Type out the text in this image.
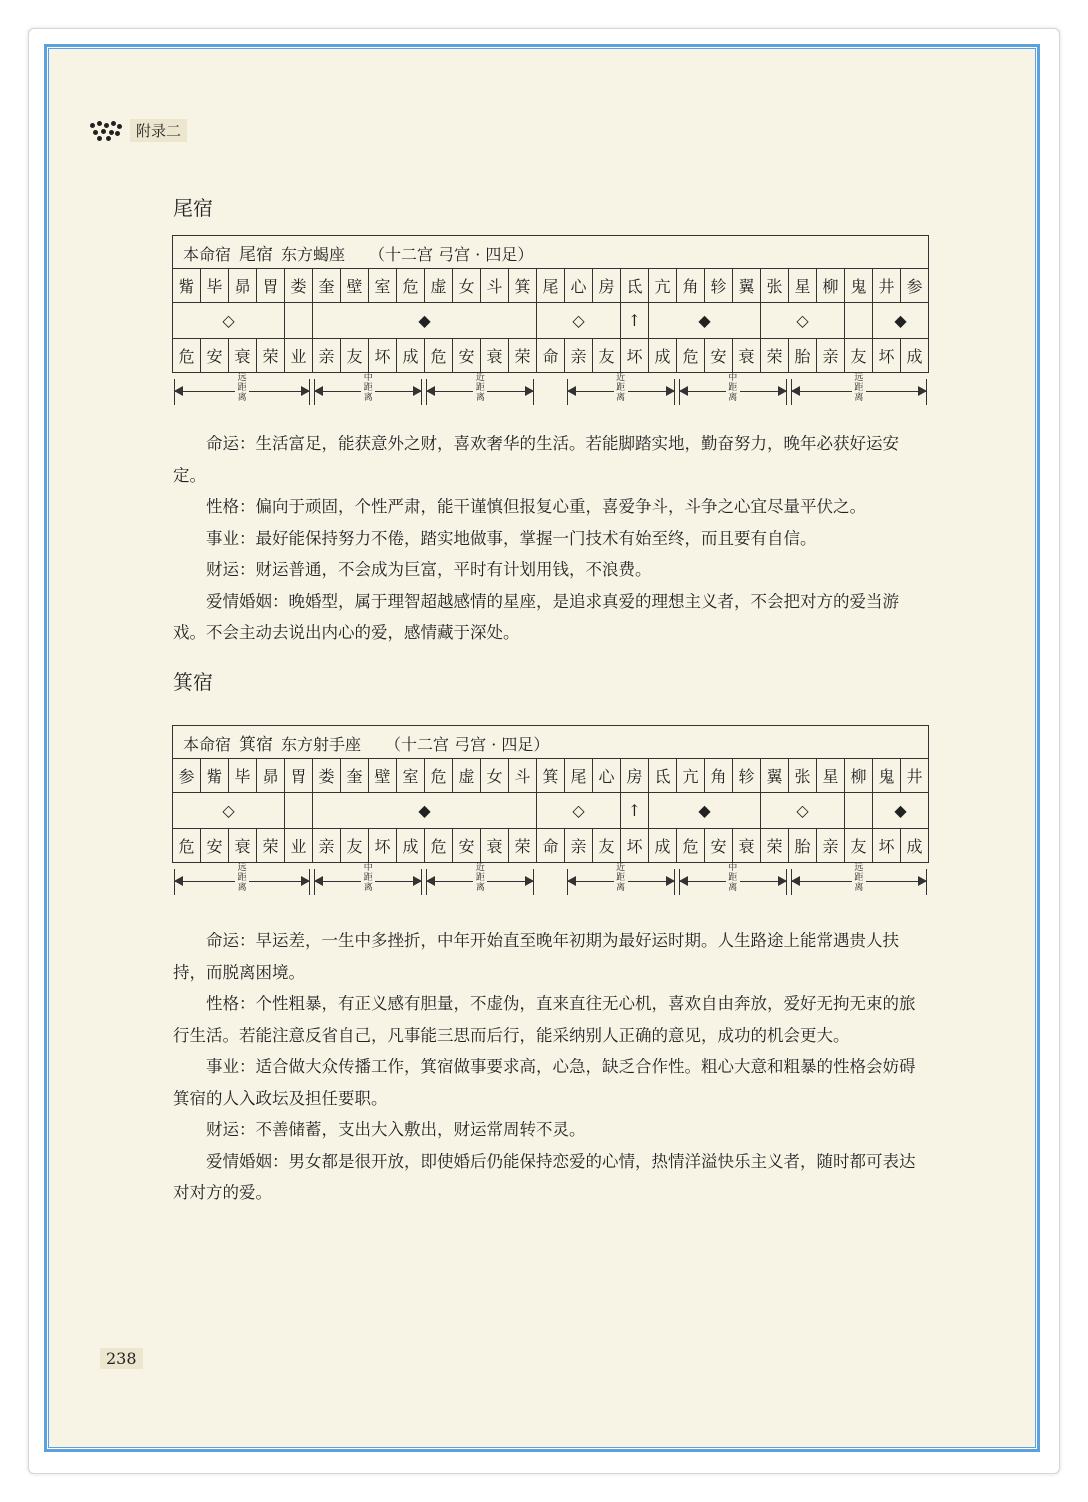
附录二
尾宿
本命宿 尾宿 东方蝎座 （十二宫 弓宫 · 四足）																										
觜	毕	昴	胃	娄	奎	壁	室	危	虚	女	斗	箕	尾	心	房	氐	亢	角	轸	翼	张	星	柳	鬼	井	参
◇					◆								◇			↑	◆				◇				◆	
危	安	衰	荣	业	亲	友	坏	成	危	安	衰	荣	命	亲	友	坏	成	危	安	衰	荣	胎	亲	友	坏	成
远距离
中距离
近距离
近距离
中距离
远距离

命运：生活富足，能获意外之财，喜欢奢华的生活。若能脚踏实地，勤奋努力，晚年必获好运安定。

性格：偏向于顽固，个性严肃，能干谨慎但报复心重，喜爱争斗，斗争之心宜尽量平伏之。

事业：最好能保持努力不倦，踏实地做事，掌握一门技术有始至终，而且要有自信。

财运：财运普通，不会成为巨富，平时有计划用钱，不浪费。

爱情婚姻：晚婚型，属于理智超越感情的星座，是追求真爱的理想主义者，不会把对方的爱当游戏。不会主动去说出内心的爱，感情藏于深处。

箕宿
本命宿 箕宿 东方射手座 （十二宫 弓宫 · 四足）																										
参	觜	毕	昴	胃	娄	奎	壁	室	危	虚	女	斗	箕	尾	心	房	氐	亢	角	轸	翼	张	星	柳	鬼	井
◇					◆								◇			↑	◆				◇				◆	
危	安	衰	荣	业	亲	友	坏	成	危	安	衰	荣	命	亲	友	坏	成	危	安	衰	荣	胎	亲	友	坏	成
远距离
中距离
近距离
近距离
中距离
远距离

命运：早运差，一生中多挫折，中年开始直至晚年初期为最好运时期。人生路途上能常遇贵人扶持，而脱离困境。

性格：个性粗暴，有正义感有胆量，不虚伪，直来直往无心机，喜欢自由奔放，爱好无拘无束的旅行生活。若能注意反省自己，凡事能三思而后行，能采纳别人正确的意见，成功的机会更大。

事业：适合做大众传播工作，箕宿做事要求高，心急，缺乏合作性。粗心大意和粗暴的性格会妨碍箕宿的人入政坛及担任要职。

财运：不善储蓄，支出大入敷出，财运常周转不灵。

爱情婚姻：男女都是很开放，即使婚后仍能保持恋爱的心情，热情洋溢快乐主义者，随时都可表达对对方的爱。

238
